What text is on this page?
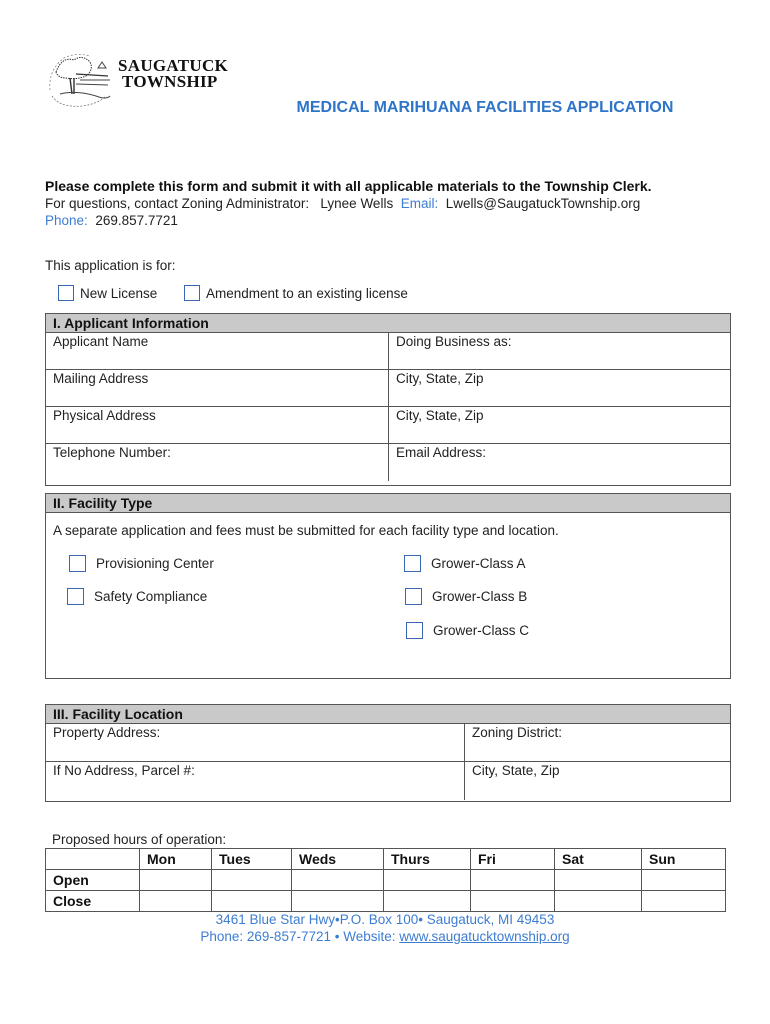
SAUGATUCK
TOWNSHIP
MEDICAL MARIHUANA FACILITIES APPLICATION
Please complete this form and submit it with all applicable materials to the Township Clerk.
For questions, contact Zoning Administrator: Lynee Wells Email: Lwells@SaugatuckTownship.org
Phone: 269.857.7721
This application is for:
New License	Amendment to an existing license
I. Applicant Information
Applicant Name	Doing Business as:
Mailing Address	City, State, Zip
Physical Address	City, State, Zip
Telephone Number:	Email Address:
II. Facility Type
A separate application and fees must be submitted for each facility type and location.
Provisioning Center
Safety Compliance
Grower-Class A
Grower-Class B
Grower-Class C
III. Facility Location
Property Address:	Zoning District:
If No Address, Parcel #:	City, State, Zip
Proposed hours of operation:
	Mon	Tues	Weds	Thurs	Fri	Sat	Sun
Open							
Close							
3461 Blue Star Hwy•P.O. Box 100• Saugatuck, MI 49453
Phone: 269-857-7721 • Website: www.saugatucktownship.org
